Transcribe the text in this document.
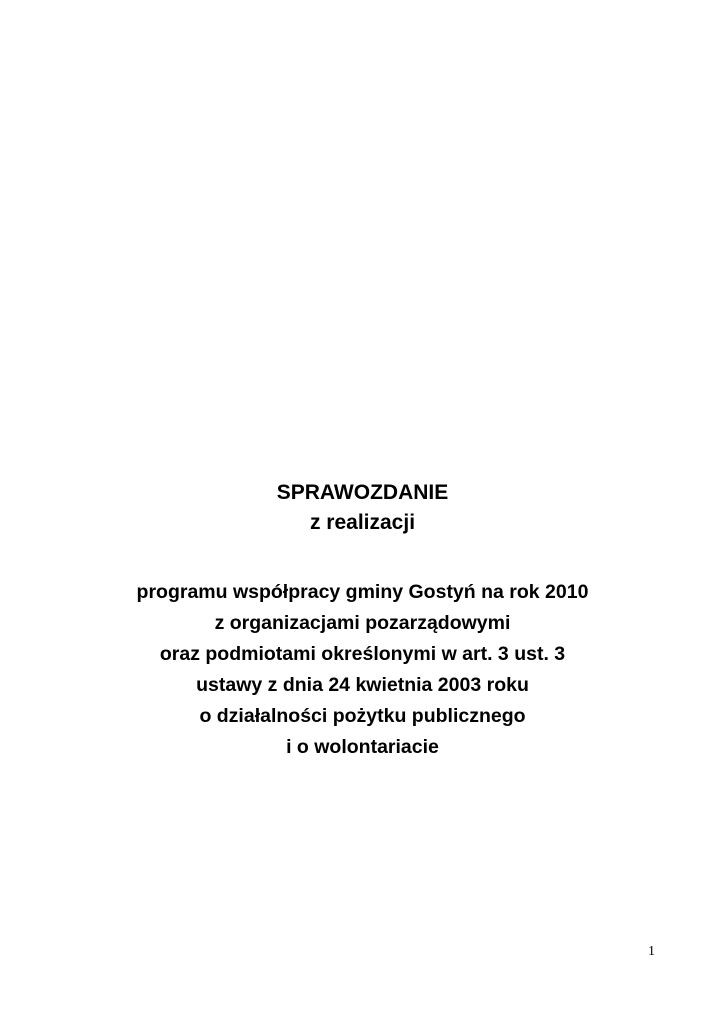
SPRAWOZDANIE

z realizacji

programu współpracy gminy Gostyń na rok 2010

z organizacjami pozarządowymi

oraz podmiotami określonymi w art. 3 ust. 3

ustawy z dnia 24 kwietnia 2003 roku

o działalności pożytku publicznego

i o wolontariacie

1
